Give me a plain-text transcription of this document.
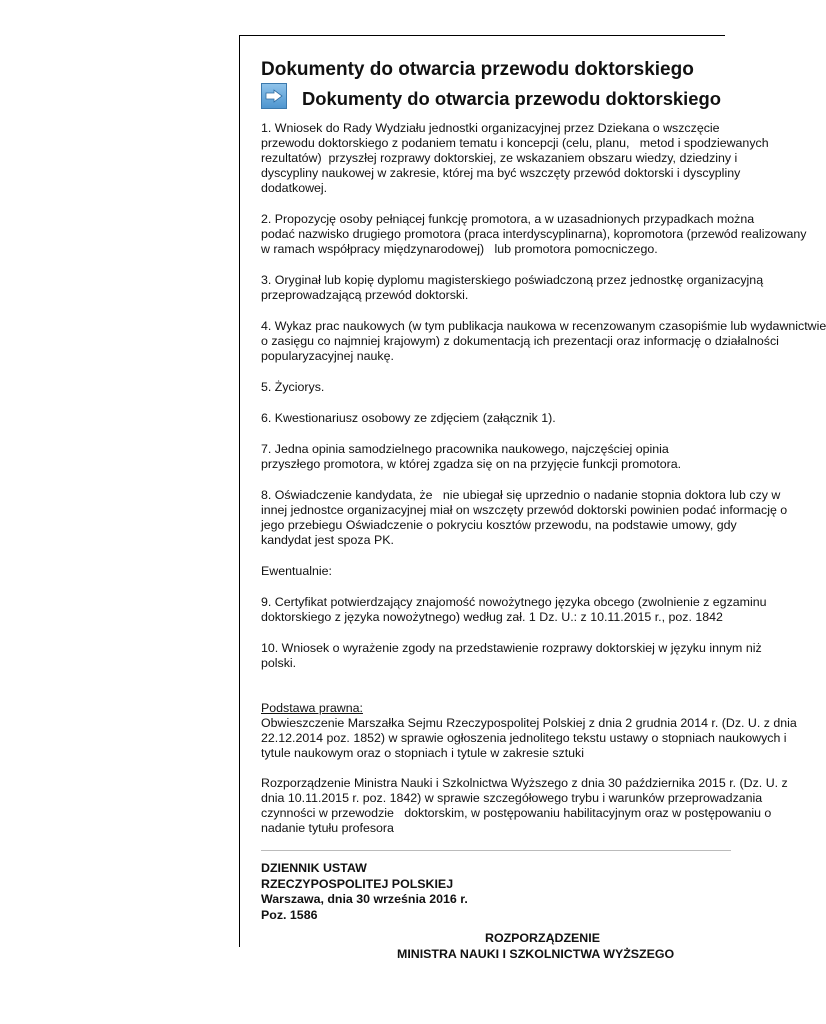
Dokumenty do otwarcia przewodu doktorskiego
Dokumenty do otwarcia przewodu doktorskiego
1. Wniosek do Rady Wydziału jednostki organizacyjnej przez Dziekana o wszczęcie
przewodu doktorskiego z podaniem tematu i koncepcji (celu, planu,   metod i spodziewanych
rezultatów)  przyszłej rozprawy doktorskiej, ze wskazaniem obszaru wiedzy, dziedziny i
dyscypliny naukowej w zakresie, której ma być wszczęty przewód doktorski i dyscypliny
dodatkowej.
2. Propozycję osoby pełniącej funkcję promotora, a w uzasadnionych przypadkach można
podać nazwisko drugiego promotora (praca interdyscyplinarna), kopromotora (przewód realizowany
w ramach współpracy międzynarodowej)   lub promotora pomocniczego.
3. Oryginał lub kopię dyplomu magisterskiego poświadczoną przez jednostkę organizacyjną
przeprowadzającą przewód doktorski.
4. Wykaz prac naukowych (w tym publikacja naukowa w recenzowanym czasopiśmie lub wydawnictwie
o zasięgu co najmniej krajowym) z dokumentacją ich prezentacji oraz informację o działalności
popularyzacyjnej naukę.
5. Życiorys.
6. Kwestionariusz osobowy ze zdjęciem (załącznik 1).
7. Jedna opinia samodzielnego pracownika naukowego, najczęściej opinia
przyszłego promotora, w której zgadza się on na przyjęcie funkcji promotora.
8. Oświadczenie kandydata, że   nie ubiegał się uprzednio o nadanie stopnia doktora lub czy w
innej jednostce organizacyjnej miał on wszczęty przewód doktorski powinien podać informację o
jego przebiegu Oświadczenie o pokryciu kosztów przewodu, na podstawie umowy, gdy
kandydat jest spoza PK.
Ewentualnie:
9. Certyfikat potwierdzający znajomość nowożytnego języka obcego (zwolnienie z egzaminu
doktorskiego z języka nowożytnego) według zał. 1 Dz. U.: z 10.11.2015 r., poz. 1842
10. Wniosek o wyrażenie zgody na przedstawienie rozprawy doktorskiej w języku innym niż
polski.
Podstawa prawna:
Obwieszczenie Marszałka Sejmu Rzeczypospolitej Polskiej z dnia 2 grudnia 2014 r. (Dz. U. z dnia
22.12.2014 poz. 1852) w sprawie ogłoszenia jednolitego tekstu ustawy o stopniach naukowych i
tytule naukowym oraz o stopniach i tytule w zakresie sztuki
Rozporządzenie Ministra Nauki i Szkolnictwa Wyższego z dnia 30 października 2015 r. (Dz. U. z
dnia 10.11.2015 r. poz. 1842) w sprawie szczegółowego trybu i warunków przeprowadzania
czynności w przewodzie   doktorskim, w postępowaniu habilitacyjnym oraz w postępowaniu o
nadanie tytułu profesora
DZIENNIK USTAW
RZECZYPOSPOLITEJ POLSKIEJ
Warszawa, dnia 30 września 2016 r.
Poz. 1586
ROZPORZĄDZENIE
MINISTRA NAUKI I SZKOLNICTWA WYŻSZEGO
